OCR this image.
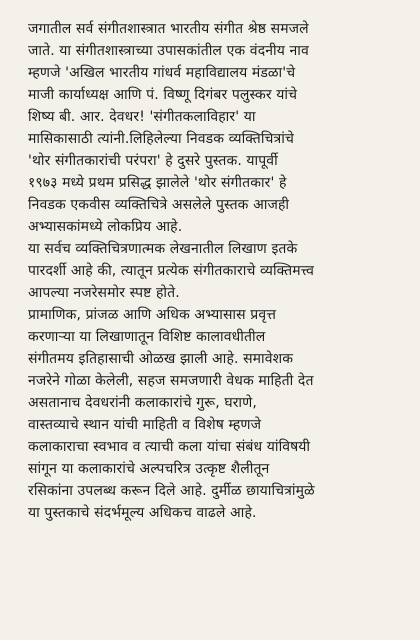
जगातील सर्व संगीतशास्त्रात भारतीय संगीत श्रेष्ठ समजले
जाते. या संगीतशास्त्राच्या उपासकांतील एक वंदनीय नाव
म्हणजे 'अखिल भारतीय गांधर्व महाविद्यालय मंडळा'चे
माजी कार्याध्यक्ष आणि पं. विष्णू दिगंबर पलुस्कर यांचे
शिष्य बी. आर. देवधर! 'संगीतकलाविहार' या
मासिकासाठी त्यांनी.लिहिलेल्या निवडक व्यक्तिचित्रांचे
'थोर संगीतकारांची परंपरा' हे दुसरे पुस्तक. यापूर्वी
१९७३ मध्ये प्रथम प्रसिद्ध झालेले 'थोर संगीतकार' हे
निवडक एकवीस व्यक्तिचित्रे असलेले पुस्तक आजही
अभ्यासकांमध्ये लोकप्रिय आहे.
या सर्वच व्यक्तिचित्रणात्मक लेखनातील लिखाण इतके
पारदर्शी आहे की, त्यातून प्रत्येक संगीतकाराचे व्यक्तिमत्त्व
आपल्या नजरेसमोर स्पष्ट होते.
प्रामाणिक, प्रांजळ आणि अधिक अभ्यासास प्रवृत्त
करणाऱ्या या लिखाणातून विशिष्ट कालावधीतील
संगीतमय इतिहासाची ओळख झाली आहे. समावेशक
नजरेने गोळा केलेली, सहज समजणारी वेधक माहिती देत
असतानाच देवधरांनी कलाकारांचे गुरू, घराणे,
वास्तव्याचे स्थान यांची माहिती व विशेष म्हणजे
कलाकाराचा स्वभाव व त्याची कला यांचा संबंध यांविषयी
सांगून या कलाकारांचे अल्पचरित्र उत्कृष्ट शैलीतून
रसिकांना उपलब्ध करून दिले आहे. दुर्मीळ छायाचित्रांमुळे
या पुस्तकाचे संदर्भमूल्य अधिकच वाढले आहे.
